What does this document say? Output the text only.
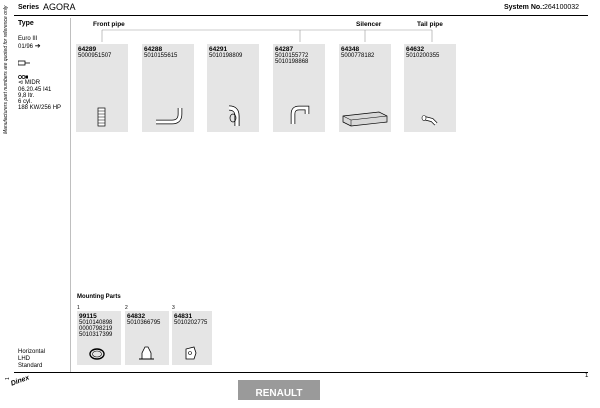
Series AGORA	System No.: 264100032
Manufacturers part numbers are quoted for reference only Type
Euro III
01/96 ➔
⊲ MIDR
06.20.45 I41
9,8 ltr.
6 cyl.
188 KW/256 HP
Horizontal
LHD
Standard
Front pipe	Silencer	Tail pipe
64289
5000951507
64288
5010155615
64291
5010198809
64287
5010155772
5010198868
64348
5000778182
64632
5010200355
Mounting Parts
1	2	3
99115
5010140898
0000798219
5010317399
64832
5010366795
64831
5010202775
1	1
Dinex
RENAULT
